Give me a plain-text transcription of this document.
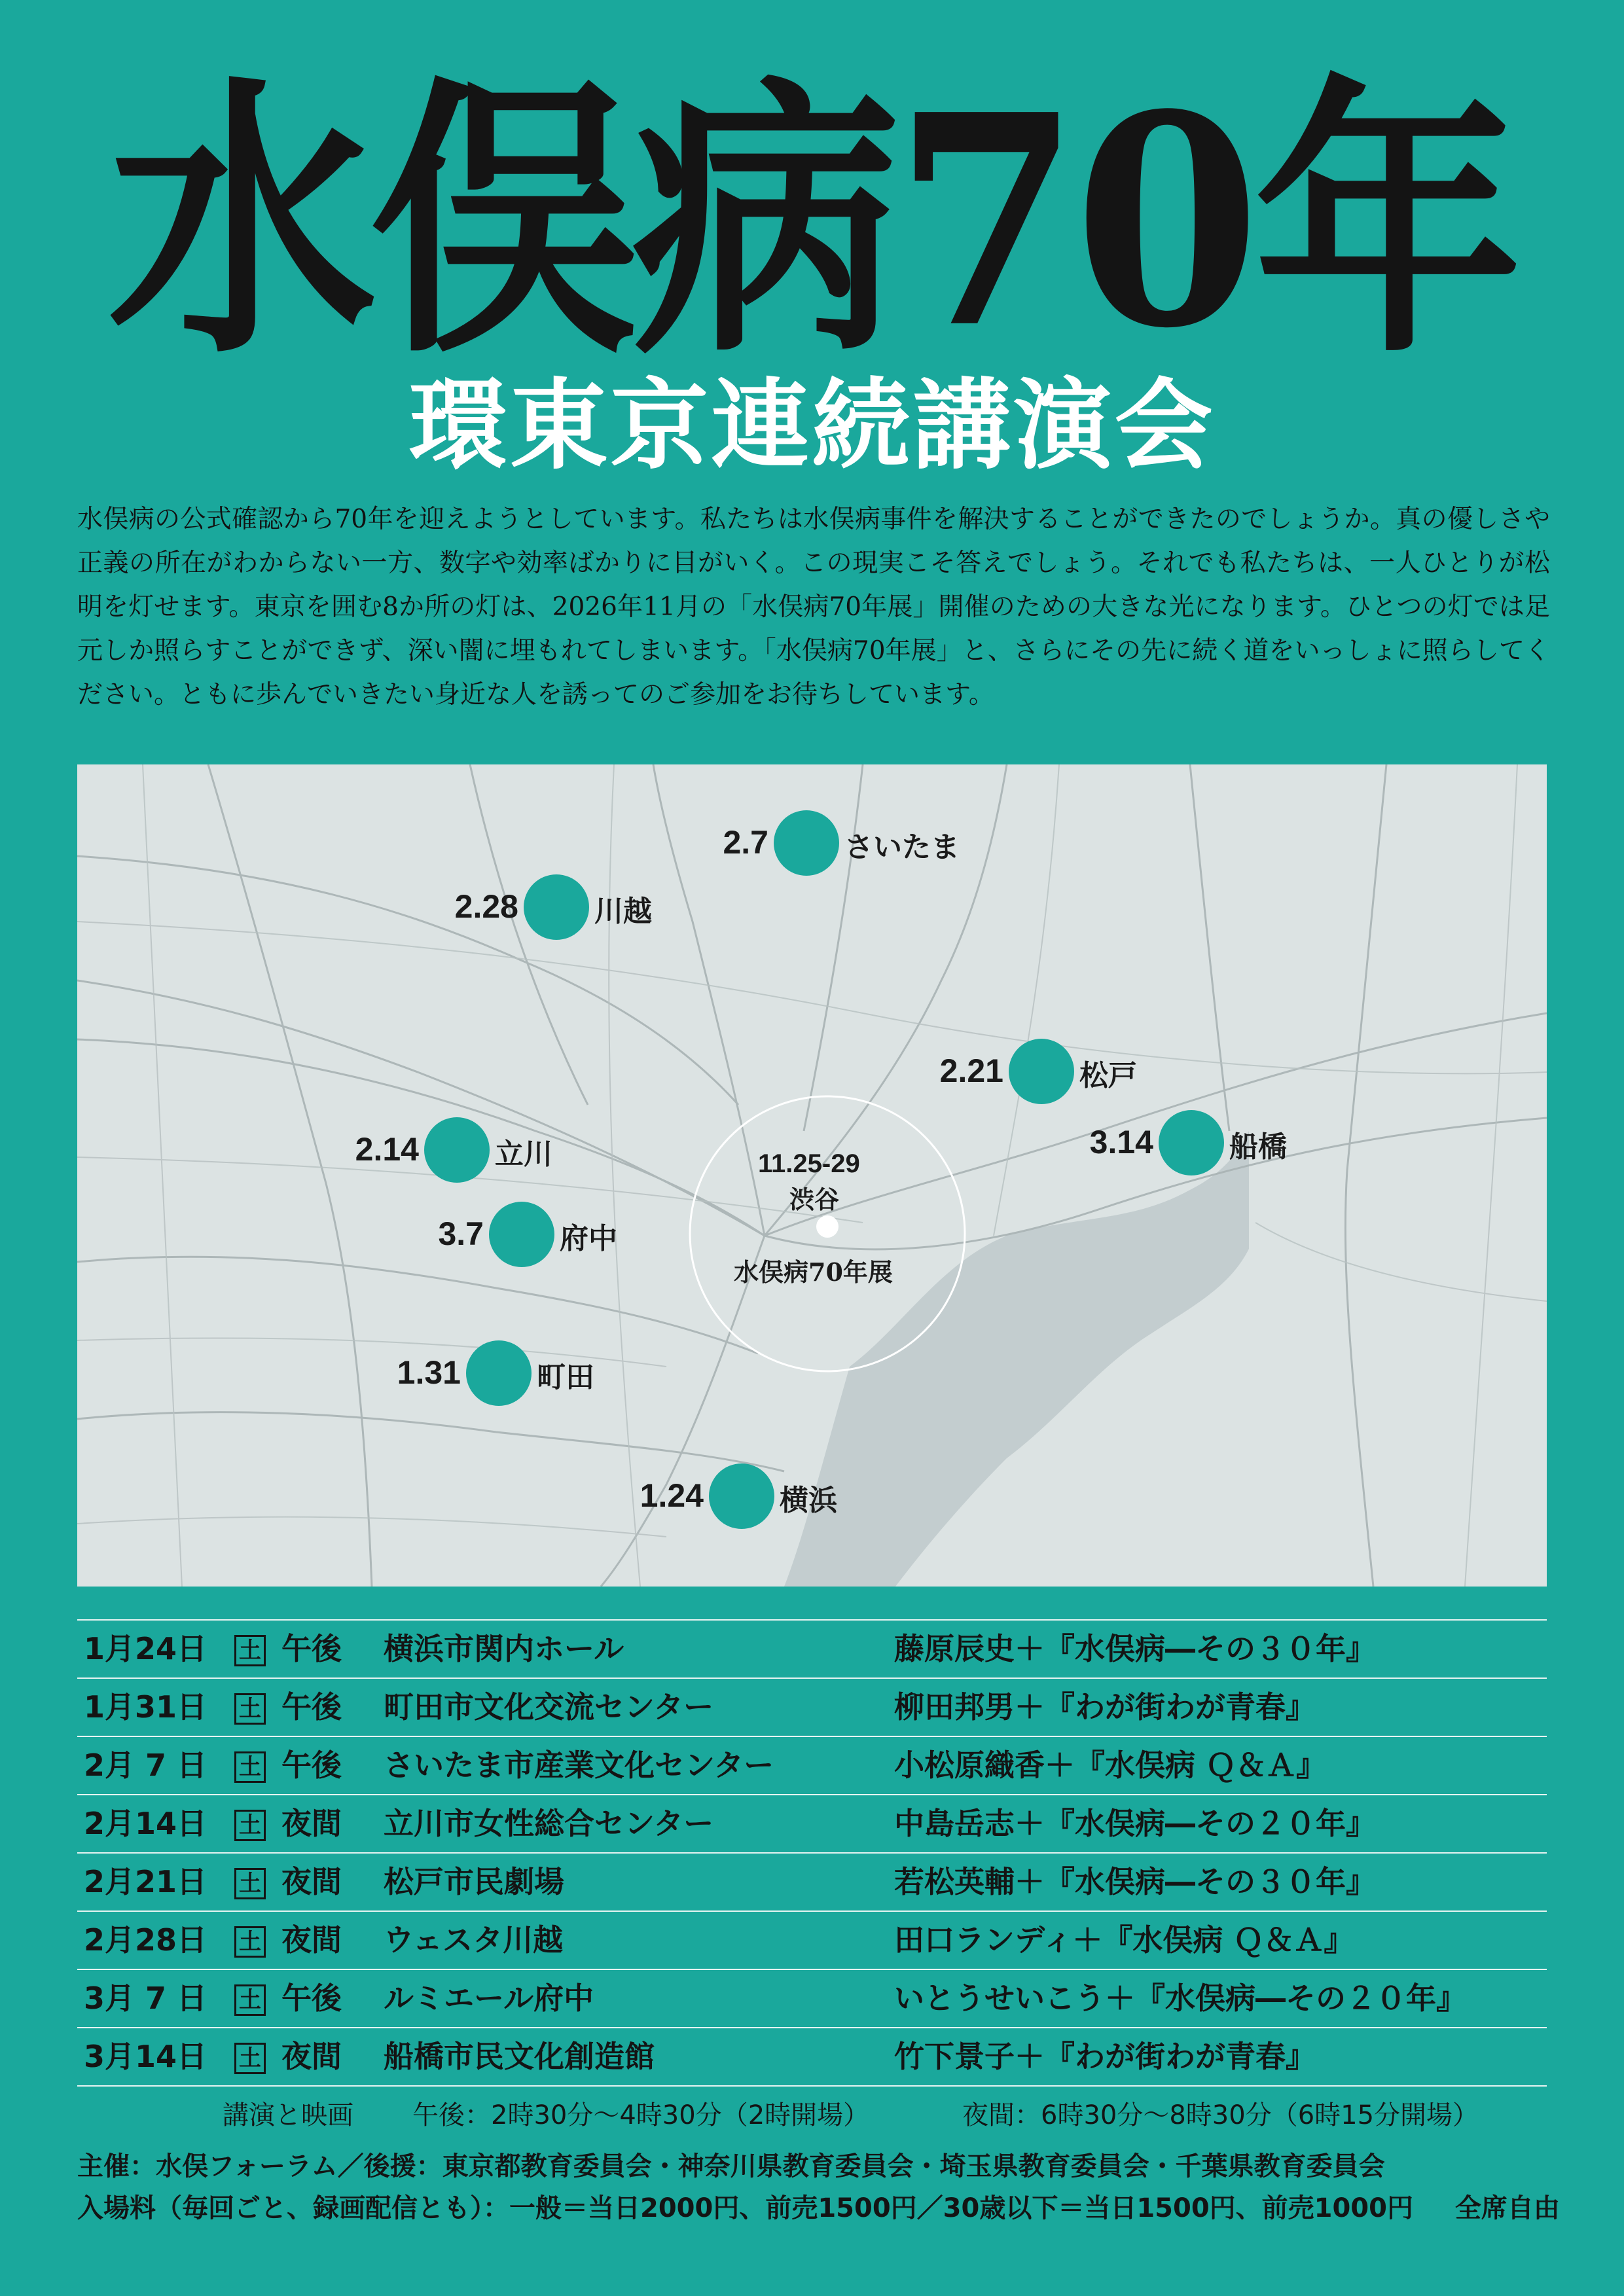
水俣病70年
環東京連続講演会
水俣病の公式確認から70年を迎えようとしています。私たちは水俣病事件を解決することができたのでしょうか。真の優しさや正義の所在がわからない一方、数字や効率ばかりに目がいく。この現実こそ答えでしょう。それでも私たちは、一人ひとりが松明を灯せます。東京を囲む8か所の灯は、2026年11月の「水俣病70年展」開催のための大きな光になります。ひとつの灯では足元しか照らすことができず、深い闇に埋もれてしまいます。「水俣病70年展」と、さらにその先に続く道をいっしょに照らしてください。ともに歩んでいきたい身近な人を誘ってのご参加をお待ちしています。
2.7	さいたま
2.28	川越
2.21	松戸
2.14	立川	3.14	船橋
3.7	府中
1.31	町田
1.24	横浜
11.25-29
渋谷
水俣病70年展
1月24日 土 午後 横浜市関内ホール	藤原辰史＋『水俣病―その３０年』
1月31日 土 午後 町田市文化交流センター	柳田邦男＋『わが街わが青春』
2月 7 日 土 午後 さいたま市産業文化センター	小松原織香＋『水俣病 Ｑ＆Ａ』
2月14日 土 夜間 立川市女性総合センター	中島岳志＋『水俣病―その２０年』
2月21日 土 夜間 松戸市民劇場	若松英輔＋『水俣病―その３０年』
2月28日 土 夜間 ウェスタ川越	田口ランディ＋『水俣病 Ｑ＆Ａ』
3月 7 日 土 午後 ルミエール府中	いとうせいこう＋『水俣病―その２０年』
3月14日 土 夜間 船橋市民文化創造館	竹下景子＋『わが街わが青春』
講演と映画 午後：2時30分～4時30分（2時開場）	夜間：6時30分～8時30分（6時15分開場）
主催：水俣フォーラム／後援：東京都教育委員会・神奈川県教育委員会・埼玉県教育委員会・千葉県教育委員会
入場料（毎回ごと、録画配信とも）：一般＝当日2000円、前売1500円／30歳以下＝当日1500円、前売1000円 全席自由
